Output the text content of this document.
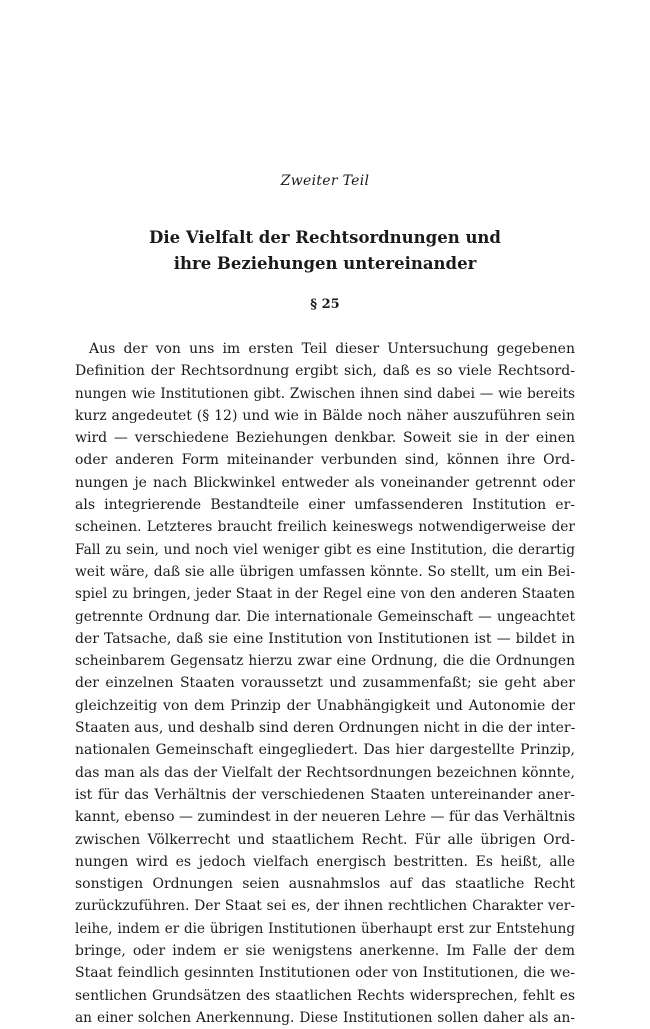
Zweiter Teil
Die Vielfalt der Rechtsordnungen und
ihre Beziehungen untereinander
§ 25
Aus der von uns im ersten Teil dieser Untersuchung gegebenen
Definition der Rechtsordnung ergibt sich, daß es so viele Rechtsord-
nungen wie Institutionen gibt. Zwischen ihnen sind dabei — wie bereits
kurz angedeutet (§ 12) und wie in Bälde noch näher auszuführen sein
wird — verschiedene Beziehungen denkbar. Soweit sie in der einen
oder anderen Form miteinander verbunden sind, können ihre Ord-
nungen je nach Blickwinkel entweder als voneinander getrennt oder
als integrierende Bestandteile einer umfassenderen Institution er-
scheinen. Letzteres braucht freilich keineswegs notwendigerweise der
Fall zu sein, und noch viel weniger gibt es eine Institution, die derartig
weit wäre, daß sie alle übrigen umfassen könnte. So stellt, um ein Bei-
spiel zu bringen, jeder Staat in der Regel eine von den anderen Staaten
getrennte Ordnung dar. Die internationale Gemeinschaft — ungeachtet
der Tatsache, daß sie eine Institution von Institutionen ist — bildet in
scheinbarem Gegensatz hierzu zwar eine Ordnung, die die Ordnungen
der einzelnen Staaten voraussetzt und zusammenfaßt; sie geht aber
gleichzeitig von dem Prinzip der Unabhängigkeit und Autonomie der
Staaten aus, und deshalb sind deren Ordnungen nicht in die der inter-
nationalen Gemeinschaft eingegliedert. Das hier dargestellte Prinzip,
das man als das der Vielfalt der Rechtsordnungen bezeichnen könnte,
ist für das Verhältnis der verschiedenen Staaten untereinander aner-
kannt, ebenso — zumindest in der neueren Lehre — für das Verhältnis
zwischen Völkerrecht und staatlichem Recht. Für alle übrigen Ord-
nungen wird es jedoch vielfach energisch bestritten. Es heißt, alle
sonstigen Ordnungen seien ausnahmslos auf das staatliche Recht
zurückzuführen. Der Staat sei es, der ihnen rechtlichen Charakter ver-
leihe, indem er die übrigen Institutionen überhaupt erst zur Entstehung
bringe, oder indem er sie wenigstens anerkenne. Im Falle der dem
Staat feindlich gesinnten Institutionen oder von Institutionen, die we-
sentlichen Grundsätzen des staatlichen Rechts widersprechen, fehlt es
an einer solchen Anerkennung. Diese Institutionen sollen daher als an-
